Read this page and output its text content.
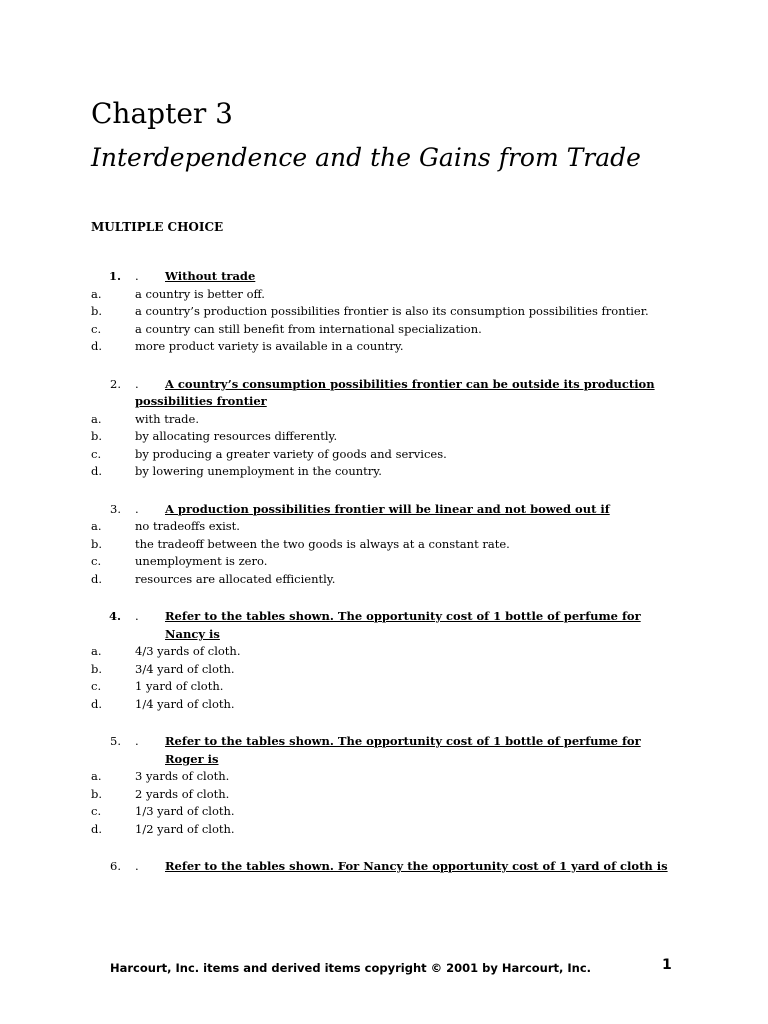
Chapter 3
Interdependence and the Gains from Trade
MULTIPLE CHOICE
1.	.	Without trade
a.	a country is better off.
b.	a country’s production possibilities frontier is also its consumption possibilities frontier.
c.	a country can still benefit from international specialization.
d.	more product variety is available in a country.
2.	.	A country’s consumption possibilities frontier can be outside its production
possibilities frontier
a.	with trade.
b.	by allocating resources differently.
c.	by producing a greater variety of goods and services.
d.	by lowering unemployment in the country.
3.	.	A production possibilities frontier will be linear and not bowed out if
a.	no tradeoffs exist.
b.	the tradeoff between the two goods is always at a constant rate.
c.	unemployment is zero.
d.	resources are allocated efficiently.
4.	.	Refer to the tables shown. The opportunity cost of 1 bottle of perfume for Nancy is
a.	4/3 yards of cloth.
b.	3/4 yard of cloth.
c.	1 yard of cloth.
d.	1/4 yard of cloth.
5.	.	Refer to the tables shown. The opportunity cost of 1 bottle of perfume for Roger is
a.	3 yards of cloth.
b.	2 yards of cloth.
c.	1/3 yard of cloth.
d.	1/2 yard of cloth.
6.	.	Refer to the tables shown. For Nancy the opportunity cost of 1 yard of cloth is
Harcourt, Inc. items and derived items copyright © 2001 by Harcourt, Inc.	1
